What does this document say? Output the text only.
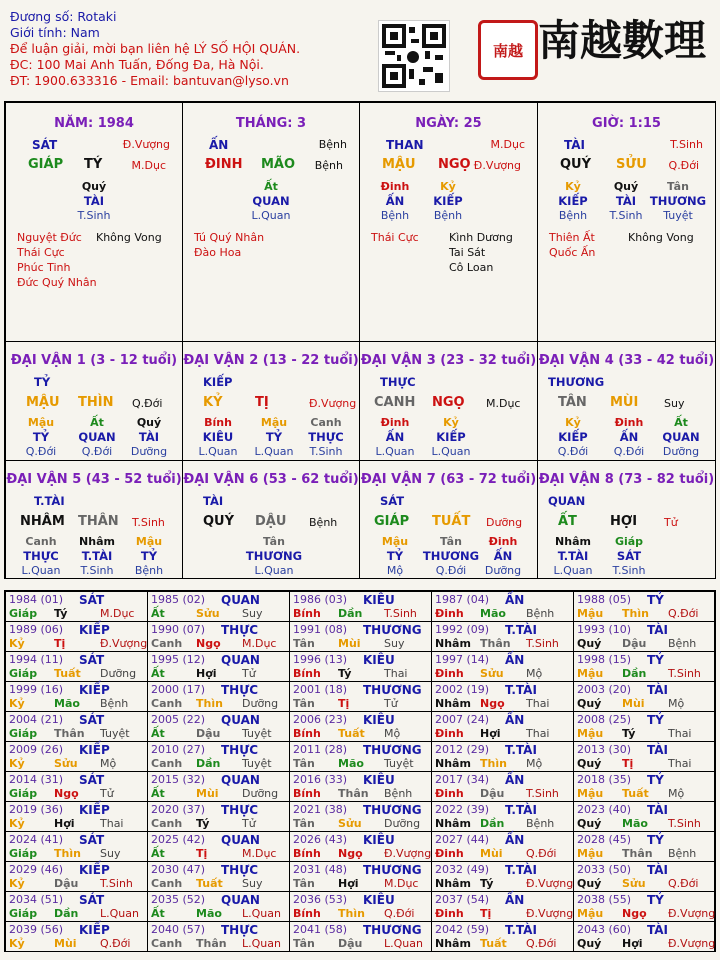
Đương số: Rotaki
Giới tính: Nam
Để luận giải, mời bạn liên hệ LÝ SỐ HỘI QUÁN.
ĐC: 100 Mai Anh Tuấn, Đống Đa, Hà Nội.
ĐT: 1900.633316 - Email: bantuvan@lyso.vn
南越 南越數理
NĂM: 1984
SÁT	Đ.Vượng
GIÁP TÝ	M.Dục
Quý
TÀI
T.Sinh
Nguyệt Đức
Thái Cực
Phúc Tinh
Đức Quý Nhân
Không Vong
THÁNG: 3
ẤN	Bệnh
ĐINH MÃO Bệnh
Ất
QUAN
L.Quan
Tú Quý Nhân
Đào Hoa
NGÀY: 25
THAN	M.Dục
MẬU NGỌ Đ.Vượng
Đinh
ẤN
Bệnh
Kỷ
KIẾP
Bệnh
Thái Cực	Kình Dương
Tai Sát
Cô Loan
GIỜ: 1:15
TÀI	T.Sinh
QUÝ SỬU Q.Đới
Kỷ
KIẾP
Bệnh
Quý
TÀI
T.Sinh
Tân
THƯƠNG
Tuyệt
Thiên Ất
Quốc Ấn
Không Vong
ĐẠI VẬN 1 (3 - 12 tuổi)
TỶ
MẬU THÌN Q.Đới
Mậu
TỶ
Q.Đới
Ất
QUAN
Q.Đới
Quý
TÀI
Dưỡng
ĐẠI VẬN 2 (13 - 22 tuổi)
KIẾP
KỶ	TỊ	Đ.Vượng
Bính
KIÊU
L.Quan
Mậu
TỶ
L.Quan
Canh
THỰC
T.Sinh
ĐẠI VẬN 3 (23 - 32 tuổi)
THỰC
CANH NGỌ M.Dục
Đinh
ẤN
L.Quan
Kỷ
KIẾP
L.Quan
ĐẠI VẬN 4 (33 - 42 tuổi)
THƯƠNG
TÂN MÙI Suy
Kỷ
KIẾP
Q.Đới
Đinh
ẤN
Q.Đới
Ất
QUAN
Dưỡng
ĐẠI VẬN 5 (43 - 52 tuổi)
T.TÀI
NHÂM THÂN T.Sinh
Canh
THỰC
L.Quan
Nhâm
T.TÀI
T.Sinh
Mậu
TỶ
Bệnh
ĐẠI VẬN 6 (53 - 62 tuổi)
TÀI
QUÝ DẬU Bệnh
Tân
THƯƠNG
L.Quan
ĐẠI VẬN 7 (63 - 72 tuổi)
SÁT
GIÁP TUẤT Dưỡng
Mậu
TỶ
Mộ
Tân
THƯƠNG
Q.Đới
Đinh
ẤN
Dưỡng
ĐẠI VẬN 8 (73 - 82 tuổi)
QUAN
ẤT	HỢI Tử
Nhâm
T.TÀI
L.Quan
Giáp
SÁT
T.Sinh
1984 (01) SÁT
Giáp Tý	M.Dục
1985 (02) QUAN
Ất	Sửu Suy
1986 (03) KIÊU
Bính Dần T.Sinh
1987 (04) ẤN
Đinh Mão Bệnh
1988 (05) TỶ
Mậu Thìn Q.Đới
1989 (06) KIẾP
Kỷ	Tị	Đ.Vượng
1990 (07) THỰC
Canh Ngọ M.Dục
1991 (08) THƯƠNG
Tân Mùi Suy
1992 (09) T.TÀI
Nhâm Thân T.Sinh
1993 (10) TÀI
Quý Dậu Bệnh
1994 (11) SÁT
Giáp Tuất Dưỡng
1995 (12) QUAN
Ất	Hợi Tử
1996 (13) KIÊU
Bính Tý	Thai
1997 (14) ẤN
Đinh Sửu Mộ
1998 (15) TỶ
Mậu Dần T.Sinh
1999 (16) KIẾP
Kỷ	Mão Bệnh
2000 (17) THỰC
Canh Thìn Dưỡng
2001 (18) THƯƠNG
Tân Tị	Tử
2002 (19) T.TÀI
Nhâm Ngọ Thai
2003 (20) TÀI
Quý Mùi Mộ
2004 (21) SÁT
Giáp Thân Tuyệt
2005 (22) QUAN
Ất	Dậu Tuyệt
2006 (23) KIÊU
Bính Tuất Mộ
2007 (24) ẤN
Đinh Hợi Thai
2008 (25) TỶ
Mậu Tý	Thai
2009 (26) KIẾP
Kỷ	Sửu Mộ
2010 (27) THỰC
Canh Dần Tuyệt
2011 (28) THƯƠNG
Tân Mão Tuyệt
2012 (29) T.TÀI
Nhâm Thìn Mộ
2013 (30) TÀI
Quý Tị	Thai
2014 (31) SÁT
Giáp Ngọ Tử
2015 (32) QUAN
Ất	Mùi Dưỡng
2016 (33) KIÊU
Bính Thân Bệnh
2017 (34) ẤN
Đinh Dậu T.Sinh
2018 (35) TỶ
Mậu Tuất Mộ
2019 (36) KIẾP
Kỷ	Hợi Thai
2020 (37) THỰC
Canh Tý	Tử
2021 (38) THƯƠNG
Tân Sửu Dưỡng
2022 (39) T.TÀI
Nhâm Dần Bệnh
2023 (40) TÀI
Quý Mão T.Sinh
2024 (41) SÁT
Giáp Thìn Suy
2025 (42) QUAN
Ất	Tị	M.Dục
2026 (43) KIÊU
Bính Ngọ Đ.Vượng
2027 (44) ẤN
Đinh Mùi Q.Đới
2028 (45) TỶ
Mậu Thân Bệnh
2029 (46) KIẾP
Kỷ	Dậu T.Sinh
2030 (47) THỰC
Canh Tuất Suy
2031 (48) THƯƠNG
Tân Hợi M.Dục
2032 (49) T.TÀI
Nhâm Tý	Đ.Vượng
2033 (50) TÀI
Quý Sửu Q.Đới
2034 (51) SÁT
Giáp Dần L.Quan
2035 (52) QUAN
Ất	Mão L.Quan
2036 (53) KIÊU
Bính Thìn Q.Đới
2037 (54) ẤN
Đinh Tị	Đ.Vượng
2038 (55) TỶ
Mậu Ngọ Đ.Vượng
2039 (56) KIẾP
Kỷ	Mùi Q.Đới
2040 (57) THỰC
Canh Thân L.Quan
2041 (58) THƯƠNG
Tân Dậu L.Quan
2042 (59) T.TÀI
Nhâm Tuất Q.Đới
2043 (60) TÀI
Quý Hợi Đ.Vượng
